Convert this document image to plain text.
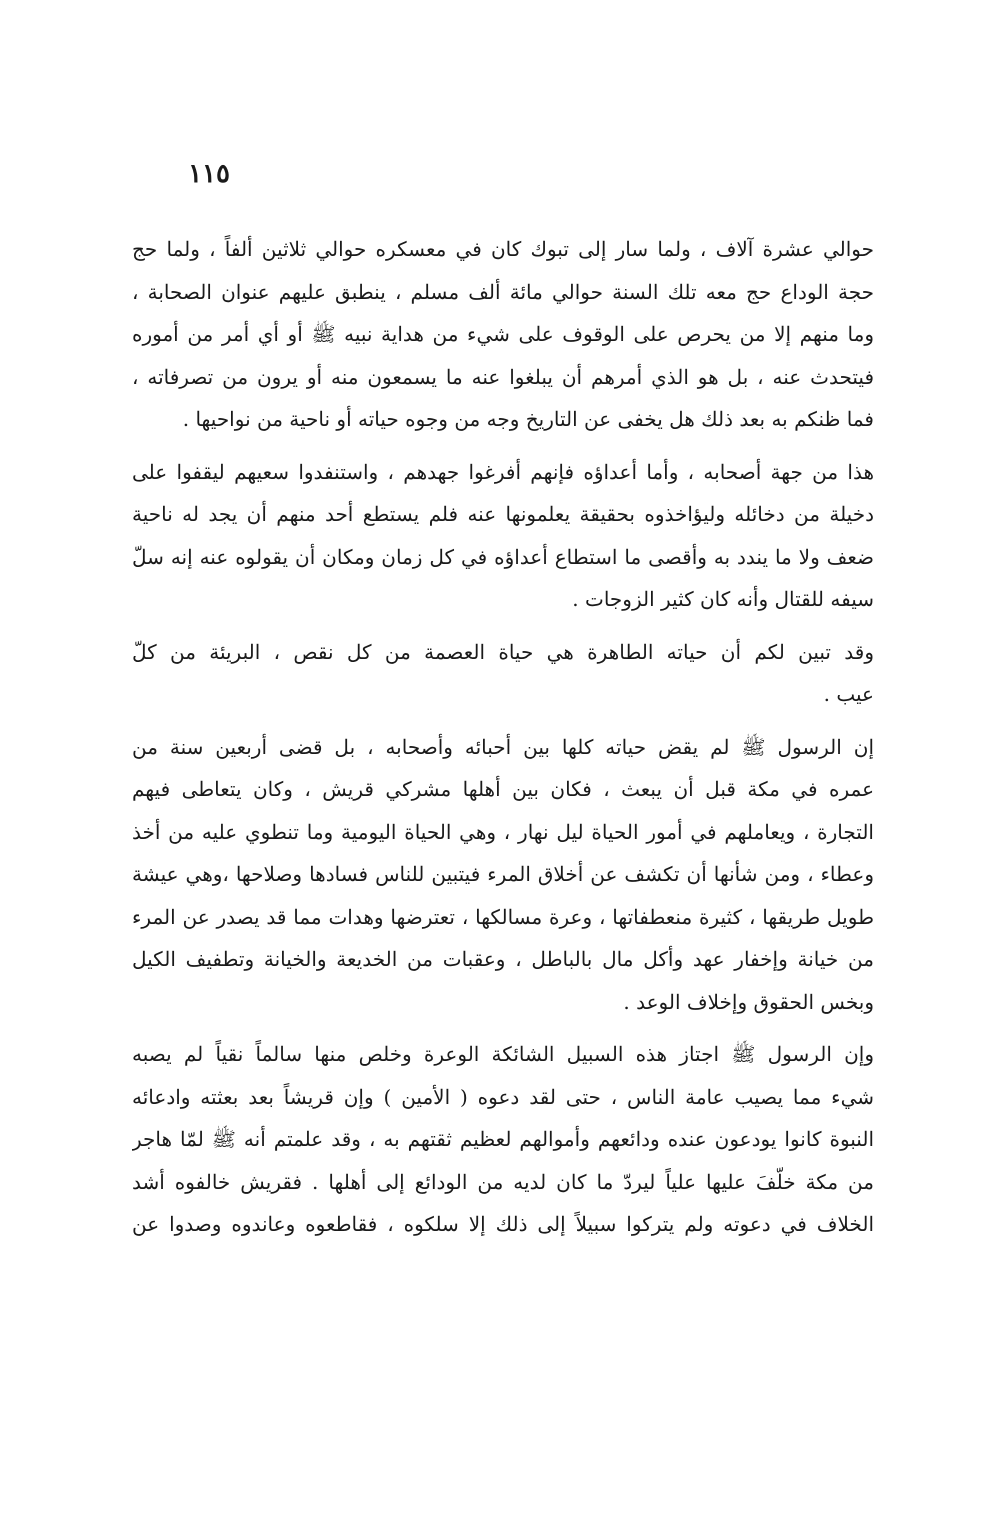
١١٥

حوالي عشرة آلاف ، ولما سار إلى تبوك كان في معسكره حوالي ثلاثين ألفاً ، ولما حج
حجة الوداع حج معه تلك السنة حوالي مائة ألف مسلم ، ينطبق عليهم عنوان الصحابة ،
وما منهم إلا من يحرص على الوقوف على شيء من هداية نبيه ﷺ أو أي أمر من أموره
فيتحدث عنه ، بل هو الذي أمرهم أن يبلغوا عنه ما يسمعون منه أو يرون من تصرفاته ،
فما ظنكم به بعد ذلك هل يخفى عن التاريخ وجه من وجوه حياته أو ناحية من نواحيها .

هذا من جهة أصحابه ، وأما أعداؤه فإنهم أفرغوا جهدهم ، واستنفدوا سعيهم ليقفوا على
دخيلة من دخائله وليؤاخذوه بحقيقة يعلمونها عنه فلم يستطع أحد منهم أن يجد له ناحية
ضعف ولا ما يندد به وأقصى ما استطاع أعداؤه في كل زمان ومكان أن يقولوه عنه إنه سلّ
سيفه للقتال وأنه كان كثير الزوجات .

وقد تبين لكم أن حياته الطاهرة هي حياة العصمة من كل نقص ، البريئة من كلّ
عيب .

إن الرسول ﷺ لم يقض حياته كلها بين أحبائه وأصحابه ، بل قضى أربعين سنة من
عمره في مكة قبل أن يبعث ، فكان بين أهلها مشركي قريش ، وكان يتعاطى فيهم
التجارة ، ويعاملهم في أمور الحياة ليل نهار ، وهي الحياة اليومية وما تنطوي عليه من أخذ
وعطاء ، ومن شأنها أن تكشف عن أخلاق المرء فيتبين للناس فسادها وصلاحها ،وهي عيشة
طويل طريقها ، كثيرة منعطفاتها ، وعرة مسالكها ، تعترضها وهدات مما قد يصدر عن المرء
من خيانة وإخفار عهد وأكل مال بالباطل ، وعقبات من الخديعة والخيانة وتطفيف الكيل
وبخس الحقوق وإخلاف الوعد .

وإن الرسول ﷺ اجتاز هذه السبيل الشائكة الوعرة وخلص منها سالماً نقياً لم يصبه
شيء مما يصيب عامة الناس ، حتى لقد دعوه ( الأمين ) وإن قريشاً بعد بعثته وادعائه
النبوة كانوا يودعون عنده ودائعهم وأموالهم لعظيم ثقتهم به ، وقد علمتم أنه ﷺ لمّا هاجر
من مكة خلّفَ عليها علياً ليردّ ما كان لديه من الودائع إلى أهلها . فقريش خالفوه أشد
الخلاف في دعوته ولم يتركوا سبيلاً إلى ذلك إلا سلكوه ، فقاطعوه وعاندوه وصدوا عن
